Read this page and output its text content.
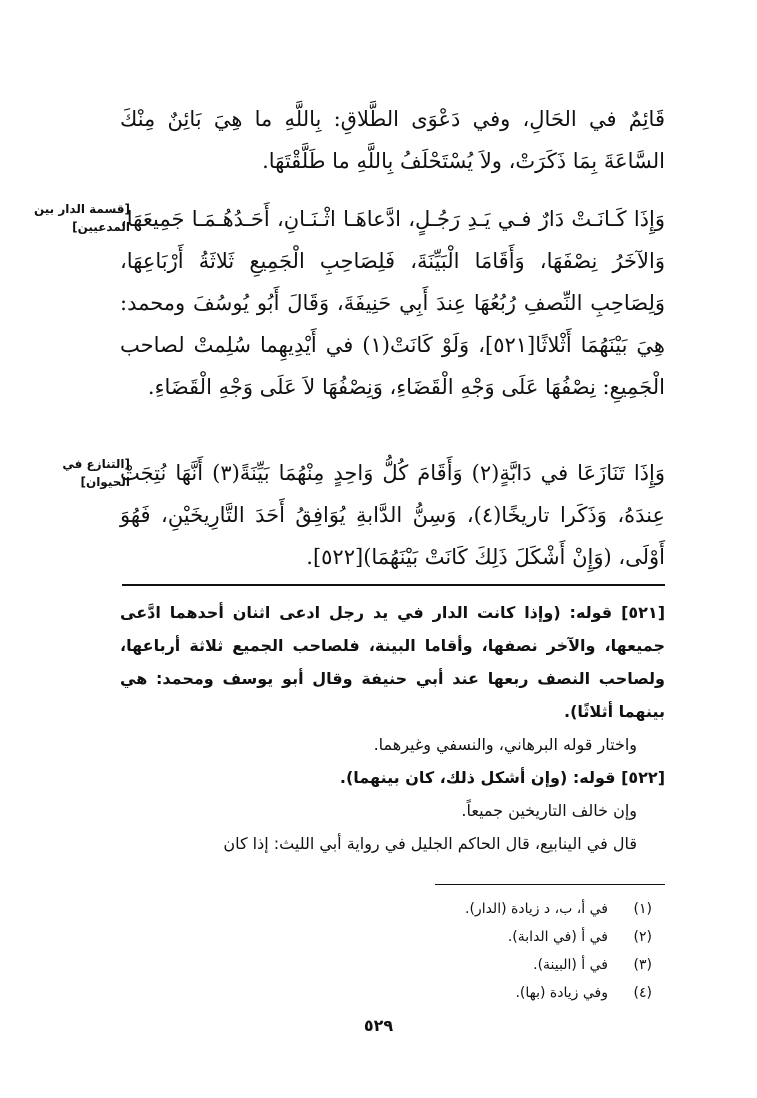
قَائِمٌ في الحَالِ، وفي دَعْوَى الطَّلاقِ: بِاللَّهِ ما هِيَ بَائِنٌ مِنْكَ السَّاعَةَ بِمَا ذَكَرَتْ، ولاَ يُسْتَحْلَفُ بِاللَّهِ ما طَلَّقْتَهَا.

[قسمة الدار بين المدعيين]

وَإِذَا كَـانَـتْ دَارٌ فـي يَـدِ رَجُـلٍ، ادَّعاهَـا اثْـنَـانِ، أَحَـدُهُـمَـا جَمِيعَهَا، وَالآخَرُ نِصْفَهَا، وَأَقَامَا الْبَيِّنَةَ، فَلِصَاحِبِ الْجَمِيعِ ثَلاثَةُ أَرْبَاعِهَا، وَلِصَاحِبِ النِّصفِ رُبُعُهَا عِندَ أَبِي حَنِيفَةَ، وَقَالَ أَبُو يُوسُفَ ومحمد: هِيَ بَيْنَهُمَا أَثْلاثًا[٥٢١]، وَلَوْ كَانَتْ(١) في أَيْدِيهِما سُلِمتْ لصاحب الْجَمِيعِ: نِصْفُهَا عَلَى وَجْهِ الْقَضَاءِ، وَنِصْفُهَا لاَ عَلَى وَجْهِ الْقَضَاءِ.

[التنازع في الحيوان]

وَإِذَا تَنَازَعَا في دَابَّةٍ(٢) وَأَقَامَ كُلُّ وَاحِدٍ مِنْهُمَا بَيِّنَةً(٣) أَنَّهَا نُتِجَتْ عِندَهُ، وَذَكَرا تاريخًا(٤)، وَسِنُّ الدَّابةِ يُوَافِقُ أَحَدَ التَّارِيخَيْنِ، فَهُوَ أَوْلَى، (وَإِنْ أَشْكَلَ ذَلِكَ كَانَتْ بَيْنَهُمَا)[٥٢٢].

[٥٢١] قوله: (وإذا كانت الدار في يد رجل ادعى اثنان أحدهما ادَّعى جميعها، والآخر نصفها، وأقاما البينة، فلصاحب الجميع ثلاثة أرباعها، ولصاحب النصف ربعها عند أبي حنيفة وقال أبو يوسف ومحمد: هي بينهما أثلاثًا).

واختار قوله البرهاني، والنسفي وغيرهما.

[٥٢٢] قوله: (وإن أشكل ذلك، كان بينهما).

وإن خالف التاريخين جميعاً.

قال في الينابيع، قال الحاكم الجليل في رواية أبي الليث: إذا كان

(١)في أ، ب، د زيادة (الدار).
(٢)في أ (في الدابة).
(٣)في أ (البينة).
(٤)وفي زيادة (بها).
٥٢٩
